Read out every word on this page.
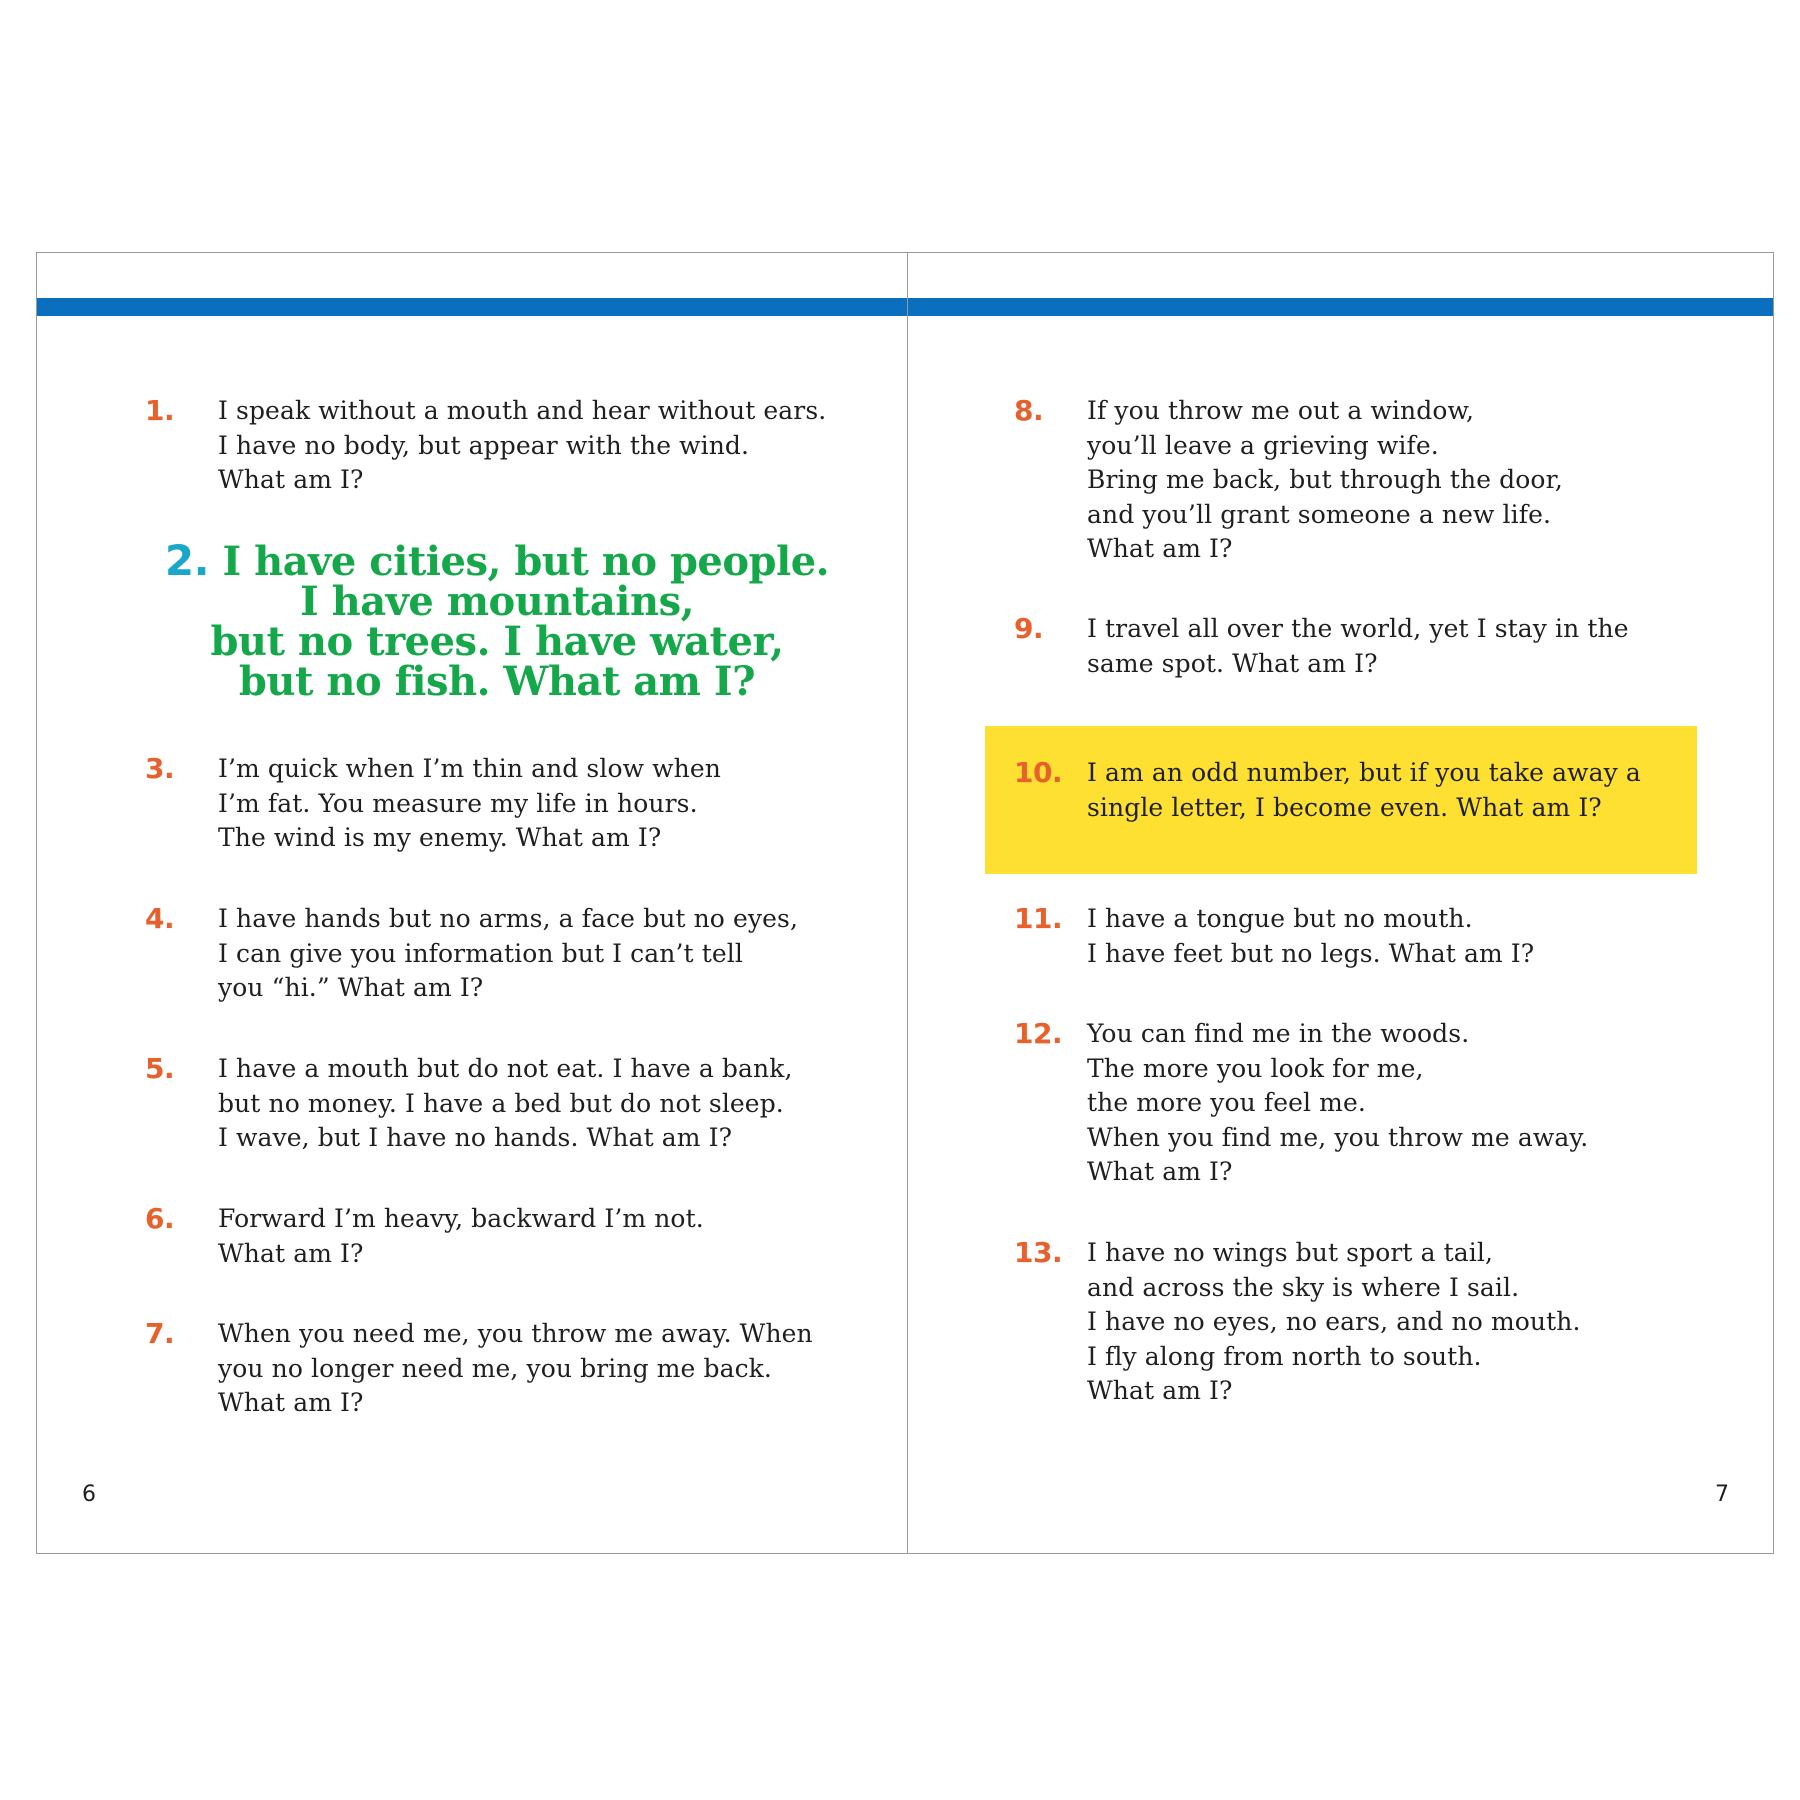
1.	I speak without a mouth and hear without ears.
I have no body, but appear with the wind.
What am I?
2. I have cities, but no people.
I have mountains,
but no trees. I have water,
but no fish. What am I?
3.	I’m quick when I’m thin and slow when
I’m fat. You measure my life in hours.
The wind is my enemy. What am I?
4.	I have hands but no arms, a face but no eyes,
I can give you information but I can’t tell
you “hi.” What am I?
5.	I have a mouth but do not eat. I have a bank,
but no money. I have a bed but do not sleep.
I wave, but I have no hands. What am I?
6.	Forward I’m heavy, backward I’m not.
What am I?
7.	When you need me, you throw me away. When
you no longer need me, you bring me back.
What am I?
6
8.	If you throw me out a window,
you’ll leave a grieving wife.
Bring me back, but through the door,
and you’ll grant someone a new life.
What am I?
9.	I travel all over the world, yet I stay in the
same spot. What am I?
10. I am an odd number, but if you take away a
single letter, I become even. What am I?
11. I have a tongue but no mouth.
I have feet but no legs. What am I?
12. You can find me in the woods.
The more you look for me,
the more you feel me.
When you find me, you throw me away.
What am I?
13. I have no wings but sport a tail,
and across the sky is where I sail.
I have no eyes, no ears, and no mouth.
I fly along from north to south.
What am I?
7
